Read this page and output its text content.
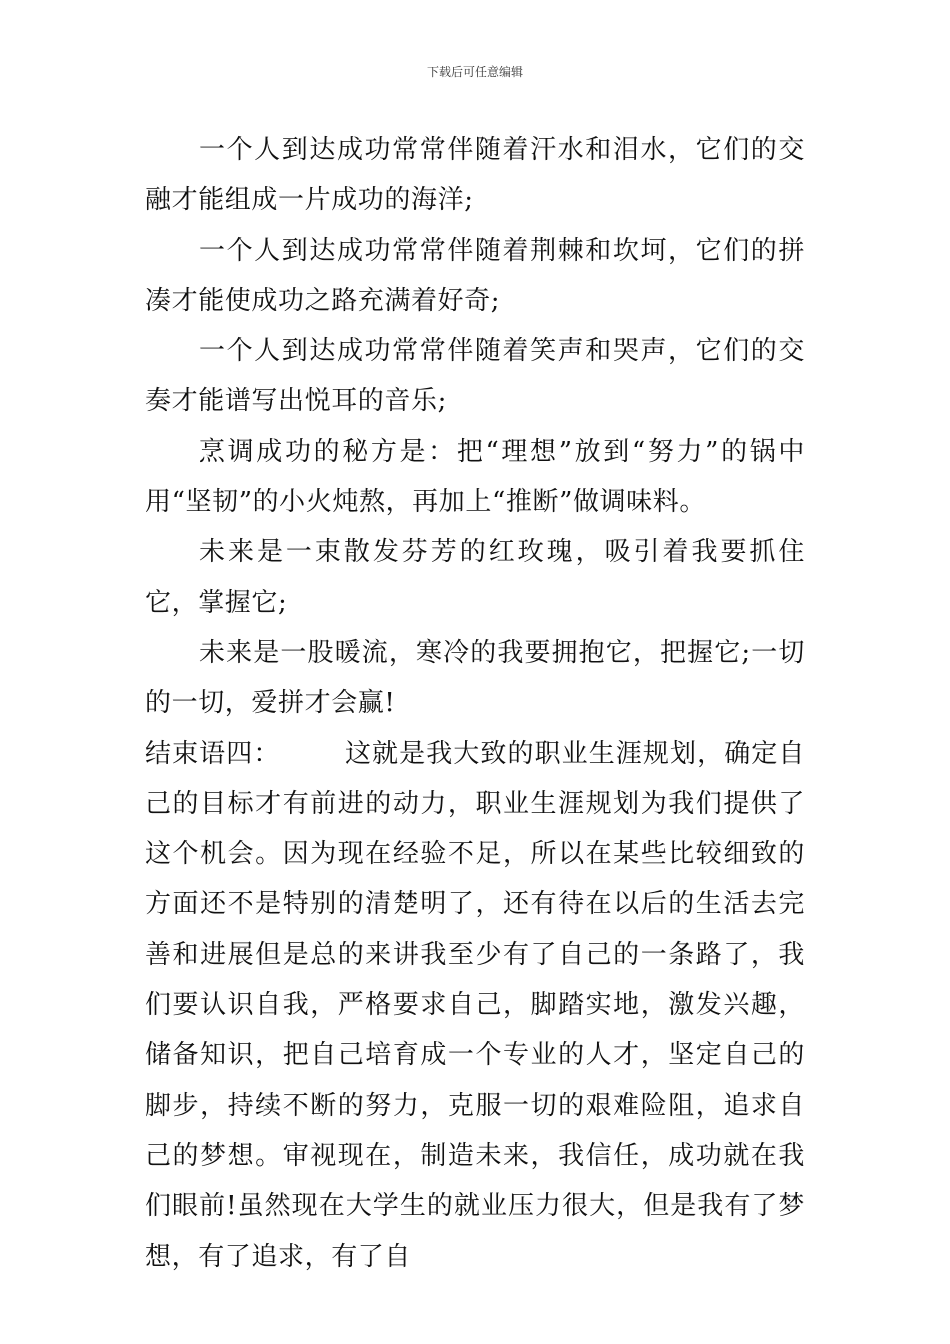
下载后可任意编辑

一个人到达成功常常伴随着汗水和泪水，它们的交融才能组成一片成功的海洋;

一个人到达成功常常伴随着荆棘和坎坷，它们的拼凑才能使成功之路充满着好奇;

一个人到达成功常常伴随着笑声和哭声，它们的交奏才能谱写出悦耳的音乐;

烹调成功的秘方是：把“理想”放到“努力”的锅中用“坚韧”的小火炖熬，再加上“推断”做调味料。

未来是一束散发芬芳的红玫瑰，吸引着我要抓住它，掌握它;

未来是一股暖流，寒冷的我要拥抱它，把握它;一切的一切，爱拼才会赢!

结束语四： 这就是我大致的职业生涯规划，确定自己的目标才有前进的动力，职业生涯规划为我们提供了这个机会。因为现在经验不足，所以在某些比较细致的方面还不是特别的清楚明了，还有待在以后的生活去完善和进展但是总的来讲我至少有了自己的一条路了，我们要认识自我，严格要求自己，脚踏实地，激发兴趣，储备知识，把自己培育成一个专业的人才，坚定自己的脚步，持续不断的努力，克服一切的艰难险阻，追求自己的梦想。审视现在，制造未来，我信任，成功就在我们眼前!虽然现在大学生的就业压力很大，但是我有了梦想，有了追求，有了自
